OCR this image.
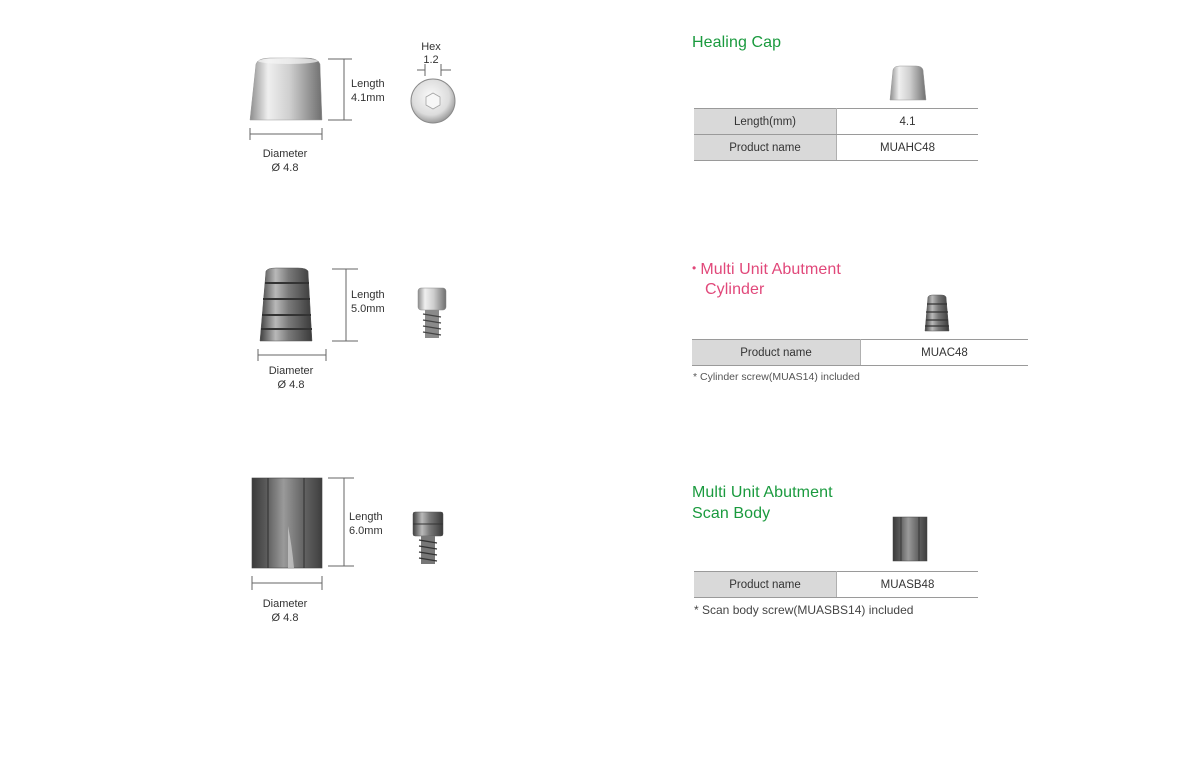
Length
4.1mm
Diameter
Ø 4.8
Hex
1.2
Length
5.0mm
Diameter
Ø 4.8
Length
6.0mm
Diameter
Ø 4.8
Healing Cap
Length(mm)	4.1
Product name	MUAHC48
• Multi Unit Abutment
Cylinder
Product name	MUAC48
* Cylinder screw(MUAS14) included
Multi Unit Abutment
Scan Body
Product name	MUASB48
* Scan body screw(MUASBS14) included
